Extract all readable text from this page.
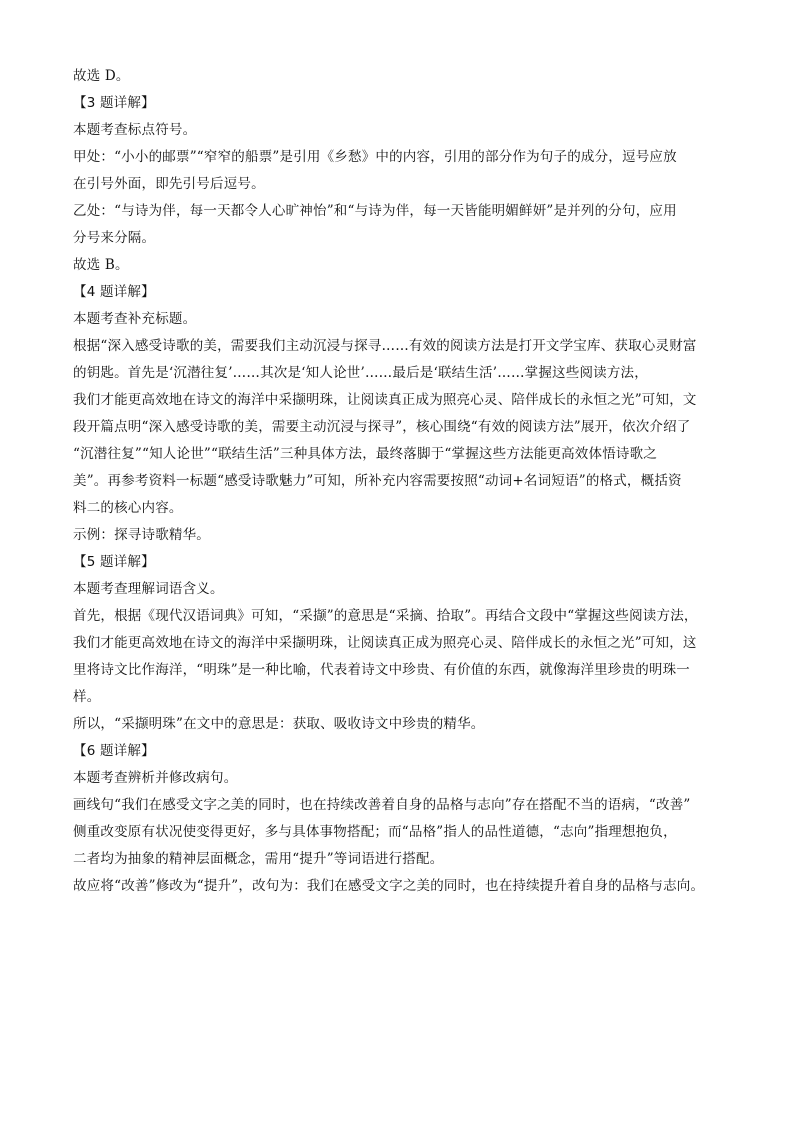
故选 D。
【3 题详解】
本题考查标点符号。
甲处：“小小的邮票”“窄窄的船票”是引用《乡愁》中的内容，引用的部分作为句子的成分，逗号应放
在引号外面，即先引号后逗号。
乙处：“与诗为伴，每一天都令人心旷神怡”和“与诗为伴，每一天皆能明媚鲜妍”是并列的分句，应用
分号来分隔。
故选 B。
【4 题详解】
本题考查补充标题。
根据“深入感受诗歌的美，需要我们主动沉浸与探寻……有效的阅读方法是打开文学宝库、获取心灵财富
的钥匙。首先是‘沉潜往复’……其次是‘知人论世’……最后是‘联结生活’……掌握这些阅读方法，
我们才能更高效地在诗文的海洋中采撷明珠，让阅读真正成为照亮心灵、陪伴成长的永恒之光”可知，文
段开篇点明“深入感受诗歌的美，需要主动沉浸与探寻”，核心围绕“有效的阅读方法”展开，依次介绍了
“沉潜往复”“知人论世”“联结生活”三种具体方法，最终落脚于“掌握这些方法能更高效体悟诗歌之
美”。再参考资料一标题“感受诗歌魅力”可知，所补充内容需要按照“动词+名词短语”的格式，概括资
料二的核心内容。
示例：探寻诗歌精华。
【5 题详解】
本题考查理解词语含义。
首先，根据《现代汉语词典》可知，“采撷”的意思是“采摘、拾取”。再结合文段中“掌握这些阅读方法，
我们才能更高效地在诗文的海洋中采撷明珠，让阅读真正成为照亮心灵、陪伴成长的永恒之光”可知，这
里将诗文比作海洋，“明珠”是一种比喻，代表着诗文中珍贵、有价值的东西，就像海洋里珍贵的明珠一
样。
所以，“采撷明珠”在文中的意思是：获取、吸收诗文中珍贵的精华。
【6 题详解】
本题考查辨析并修改病句。
画线句“我们在感受文字之美的同时，也在持续改善着自身的品格与志向”存在搭配不当的语病，“改善”
侧重改变原有状况使变得更好，多与具体事物搭配；而“品格”指人的品性道德，“志向”指理想抱负，
二者均为抽象的精神层面概念，需用“提升”等词语进行搭配。
故应将“改善”修改为“提升”，改句为：我们在感受文字之美的同时，也在持续提升着自身的品格与志向。
